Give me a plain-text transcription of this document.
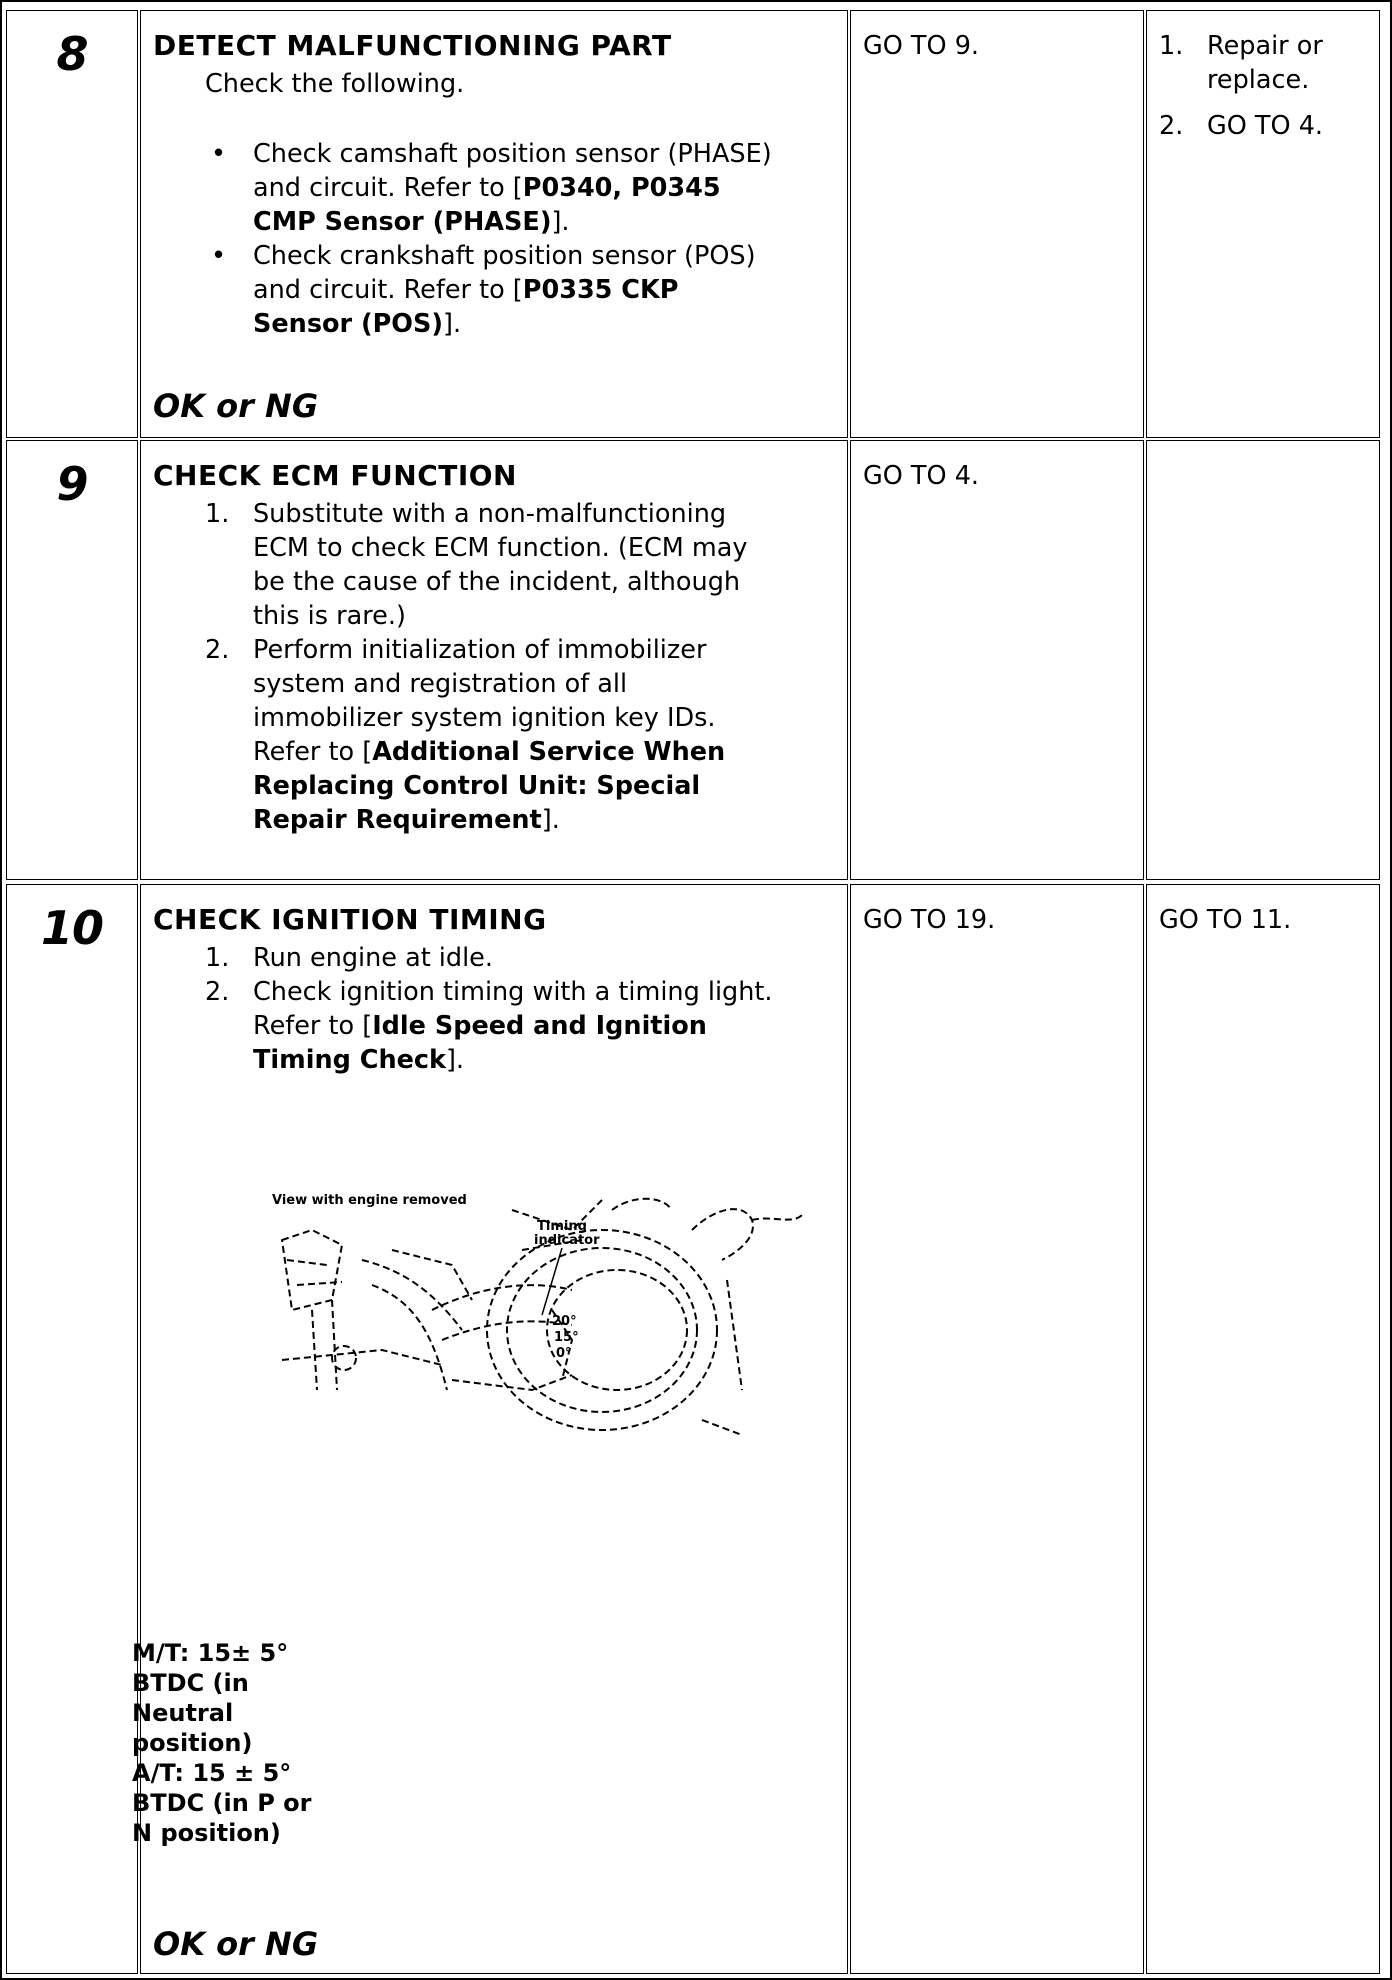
8	DETECT MALFUNCTIONING PART
Check the following.
•	Check camshaft position sensor (PHASE)
and circuit. Refer to [P0340, P0345
CMP Sensor (PHASE)].
•	Check crankshaft position sensor (POS)
and circuit. Refer to [P0335 CKP
Sensor (POS)].
OK or NG
GO TO 9.	1. Repair or
replace.
2. GO TO 4.
9	CHECK ECM FUNCTION
1. Substitute with a non-malfunctioning
ECM to check ECM function. (ECM may
be the cause of the incident, although
this is rare.)
2. Perform initialization of immobilizer
system and registration of all
immobilizer system ignition key IDs.
Refer to [Additional Service When
Replacing Control Unit: Special
Repair Requirement].
GO TO 4.
10	CHECK IGNITION TIMING
1. Run engine at idle.
2. Check ignition timing with a timing light.
Refer to [Idle Speed and Ignition
Timing Check].
OK or NG
View with engine removed
Timing
indicator
20°
15°
0°
M/T: 15± 5°
BTDC (in
Neutral
position)
A/T: 15 ± 5°
BTDC (in P or
N position)
GO TO 19.	GO TO 11.
